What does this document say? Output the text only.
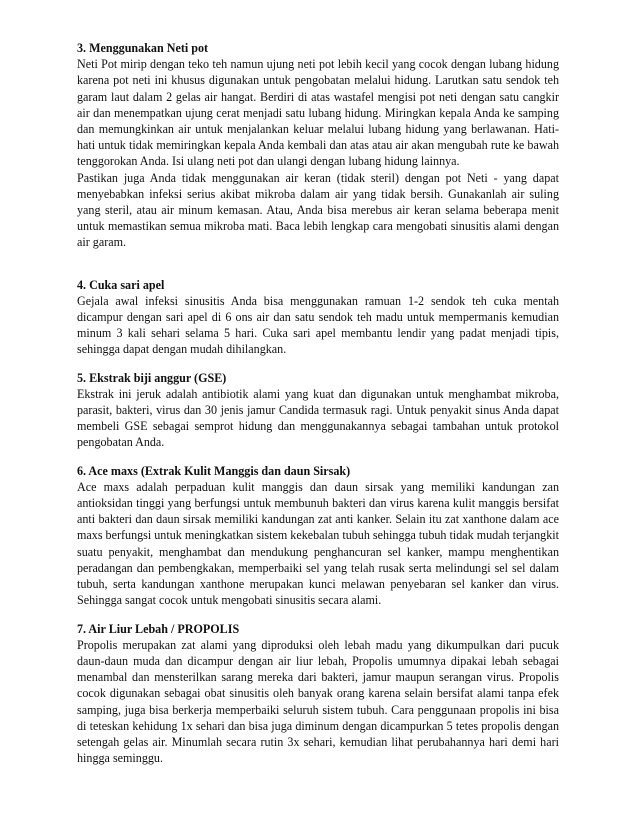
3. Menggunakan Neti pot

Neti Pot mirip dengan teko teh namun ujung neti pot lebih kecil yang cocok dengan lubang hidung karena pot neti ini khusus digunakan untuk pengobatan melalui hidung. Larutkan satu sendok teh garam laut dalam 2 gelas air hangat. Berdiri di atas wastafel mengisi pot neti dengan satu cangkir air dan menempatkan ujung cerat menjadi satu lubang hidung. Miringkan kepala Anda ke samping dan memungkinkan air untuk menjalankan keluar melalui lubang hidung yang berlawanan. Hati-hati untuk tidak memiringkan kepala Anda kembali dan atas atau air akan mengubah rute ke bawah tenggorokan Anda. Isi ulang neti pot dan ulangi dengan lubang hidung lainnya.

Pastikan juga Anda tidak menggunakan air keran (tidak steril) dengan pot Neti - yang dapat menyebabkan infeksi serius akibat mikroba dalam air yang tidak bersih. Gunakanlah air suling yang steril, atau air minum kemasan. Atau, Anda bisa merebus air keran selama beberapa menit untuk memastikan semua mikroba mati. Baca lebih lengkap cara mengobati sinusitis alami dengan air garam.

4. Cuka sari apel

Gejala awal infeksi sinusitis Anda bisa menggunakan ramuan 1-2 sendok teh cuka mentah dicampur dengan sari apel di 6 ons air dan satu sendok teh madu untuk mempermanis kemudian minum 3 kali sehari selama 5 hari. Cuka sari apel membantu lendir yang padat menjadi tipis, sehingga dapat dengan mudah dihilangkan.

5. Ekstrak biji anggur (GSE)

Ekstrak ini jeruk adalah antibiotik alami yang kuat dan digunakan untuk menghambat mikroba, parasit, bakteri, virus dan 30 jenis jamur Candida termasuk ragi. Untuk penyakit sinus Anda dapat membeli GSE sebagai semprot hidung dan menggunakannya sebagai tambahan untuk protokol pengobatan Anda.

6. Ace maxs (Extrak Kulit Manggis dan daun Sirsak)

Ace maxs adalah perpaduan kulit manggis dan daun sirsak yang memiliki kandungan zan antioksidan tinggi yang berfungsi untuk membunuh bakteri dan virus karena kulit manggis bersifat anti bakteri dan daun sirsak memiliki kandungan zat anti kanker. Selain itu zat xanthone dalam ace maxs berfungsi untuk meningkatkan sistem kekebalan tubuh sehingga tubuh tidak mudah terjangkit suatu penyakit, menghambat dan mendukung penghancuran sel kanker, mampu menghentikan peradangan dan pembengkakan, memperbaiki sel yang telah rusak serta melindungi sel sel dalam tubuh, serta kandungan xanthone merupakan kunci melawan penyebaran sel kanker dan virus. Sehingga sangat cocok untuk mengobati sinusitis secara alami.

7. Air Liur Lebah / PROPOLIS

Propolis merupakan zat alami yang diproduksi oleh lebah madu yang dikumpulkan dari pucuk daun-daun muda dan dicampur dengan air liur lebah, Propolis umumnya dipakai lebah sebagai menambal dan mensterilkan sarang mereka dari bakteri, jamur maupun serangan virus. Propolis cocok digunakan sebagai obat sinusitis oleh banyak orang karena selain bersifat alami tanpa efek samping, juga bisa berkerja memperbaiki seluruh sistem tubuh. Cara penggunaan propolis ini bisa di teteskan kehidung 1x sehari dan bisa juga diminum dengan dicampurkan 5 tetes propolis dengan setengah gelas air. Minumlah secara rutin 3x sehari, kemudian lihat perubahannya hari demi hari hingga seminggu.
